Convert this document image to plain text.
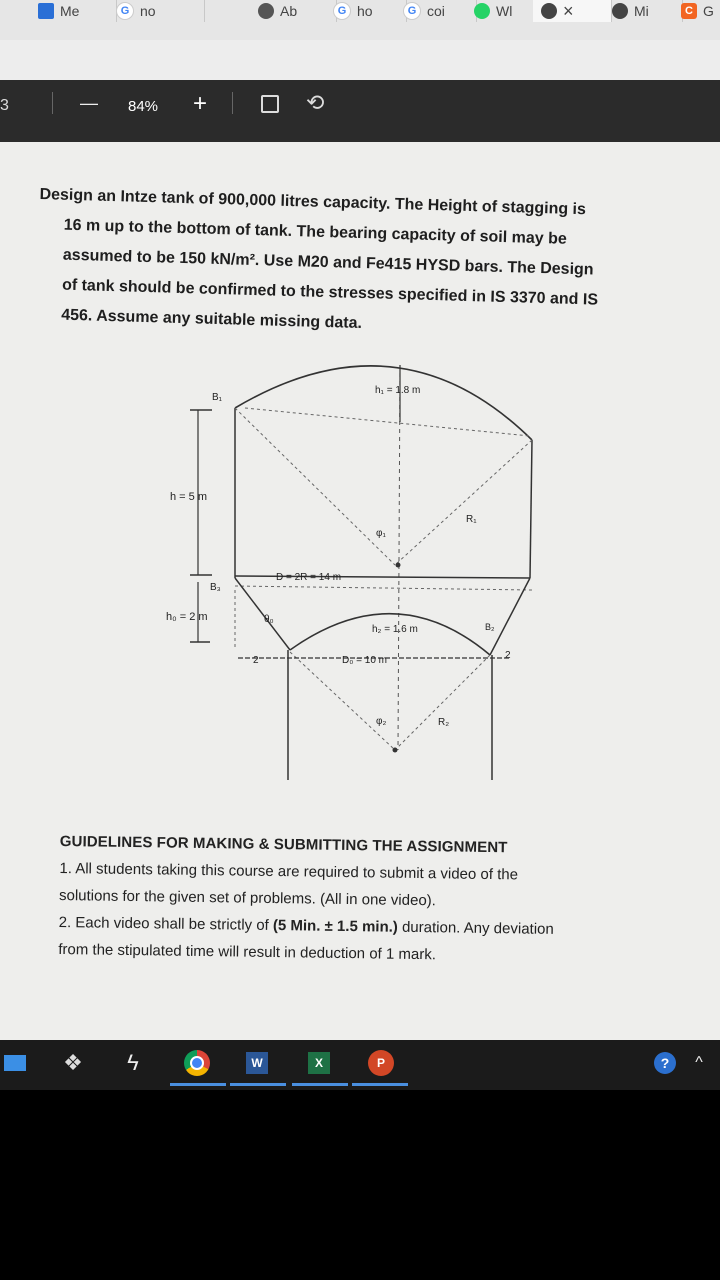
Me	G no	Ab	G ho	G coi	Wl	×	Mi	C G
3	— 84% +	⟲
Design an Intze tank of 900,000 litres capacity. The Height of stagging is
16 m up to the bottom of tank. The bearing capacity of soil may be
assumed to be 150 kN/m². Use M20 and Fe415 HYSD bars. The Design
of tank should be confirmed to the stresses specified in IS 3370 and IS
456. Assume any suitable missing data.
h₁ = 1.8 m
B₁
h = 5 m
R₁
φ₁
D = 2R = 14 m
B₃
h₀ = 2 m	θ₀
h₂ = 1.6 m	B₂
2	D₀ = 10 m	2
φ₂	R₂
GUIDELINES FOR MAKING & SUBMITTING THE ASSIGNMENT
1. All students taking this course are required to submit a video of the
solutions for the given set of problems. (All in one video).
2. Each video shall be strictly of (5 Min. ± 1.5 min.) duration. Any deviation
from the stipulated time will result in deduction of 1 mark.
❖	ϟ	W	X	P	?	^
